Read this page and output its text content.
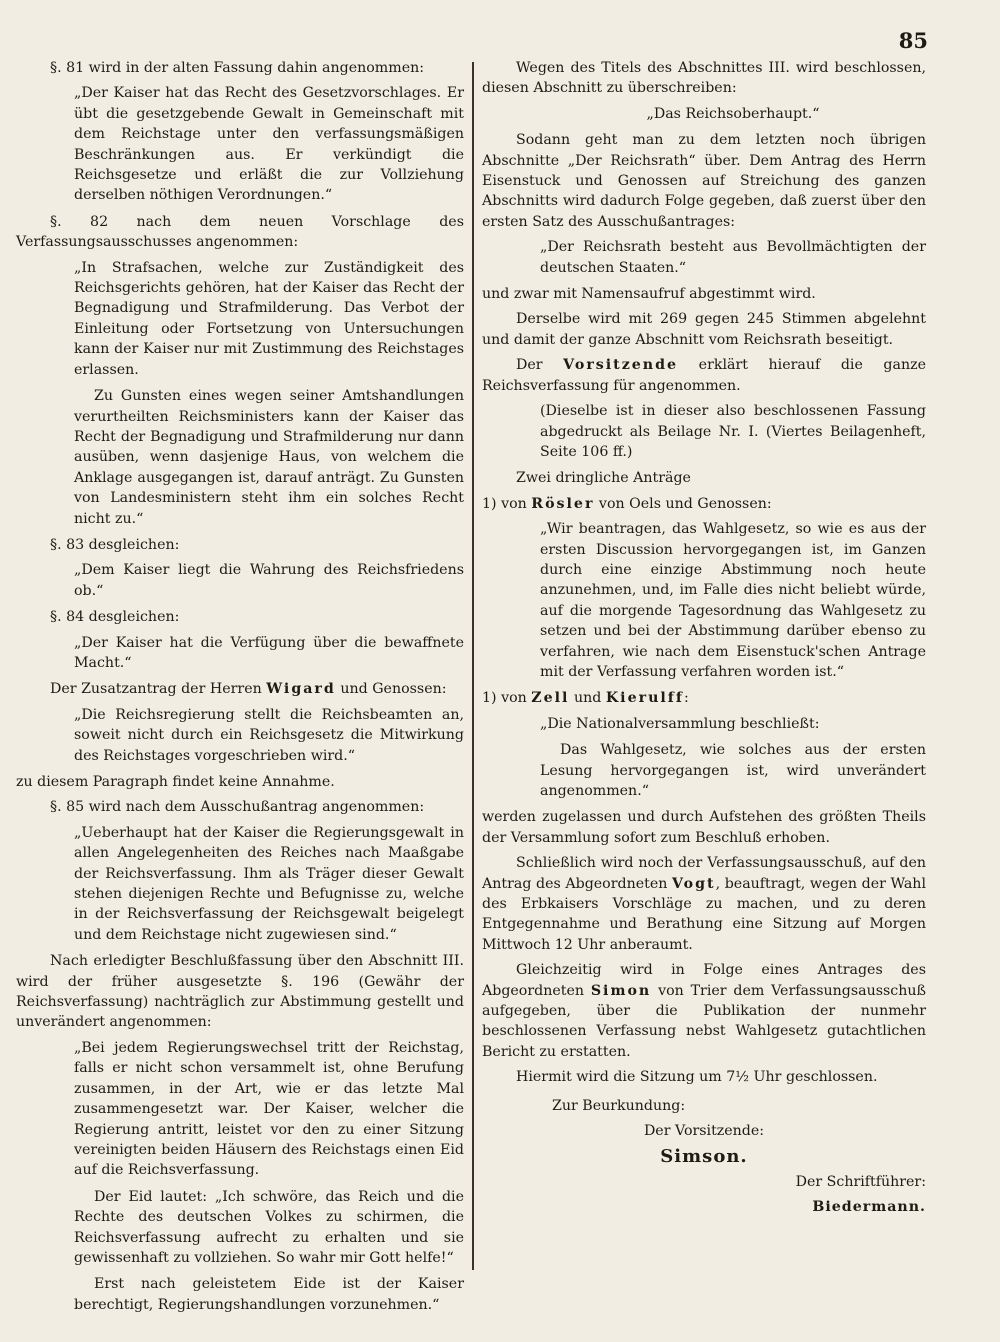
85

§. 81 wird in der alten Fassung dahin angenommen:

„Der Kaiser hat das Recht des Gesetzvorschlages. Er übt die gesetzgebende Gewalt in Gemeinschaft mit dem Reichstage unter den verfassungsmäßigen Beschränkungen aus. Er verkündigt die Reichsgesetze und erläßt die zur Vollziehung derselben nöthigen Verordnungen.“

§. 82 nach dem neuen Vorschlage des Verfassungsausschusses angenommen:

„In Strafsachen, welche zur Zuständigkeit des Reichsgerichts gehören, hat der Kaiser das Recht der Begnadigung und Strafmilderung. Das Verbot der Einleitung oder Fortsetzung von Untersuchungen kann der Kaiser nur mit Zustimmung des Reichstages erlassen.

Zu Gunsten eines wegen seiner Amtshandlungen verurtheilten Reichsministers kann der Kaiser das Recht der Begnadigung und Strafmilderung nur dann ausüben, wenn dasjenige Haus, von welchem die Anklage ausgegangen ist, darauf anträgt. Zu Gunsten von Landesministern steht ihm ein solches Recht nicht zu.“

§. 83 desgleichen:

„Dem Kaiser liegt die Wahrung des Reichsfriedens ob.“

§. 84 desgleichen:

„Der Kaiser hat die Verfügung über die bewaffnete Macht.“

Der Zusatzantrag der Herren Wigard und Genossen:

„Die Reichsregierung stellt die Reichsbeamten an, soweit nicht durch ein Reichsgesetz die Mitwirkung des Reichstages vorgeschrieben wird.“

zu diesem Paragraph findet keine Annahme.

§. 85 wird nach dem Ausschußantrag angenommen:

„Ueberhaupt hat der Kaiser die Regierungsgewalt in allen Angelegenheiten des Reiches nach Maaßgabe der Reichsverfassung. Ihm als Träger dieser Gewalt stehen diejenigen Rechte und Befugnisse zu, welche in der Reichsverfassung der Reichsgewalt beigelegt und dem Reichstage nicht zugewiesen sind.“

Nach erledigter Beschlußfassung über den Abschnitt III. wird der früher ausgesetzte §. 196 (Gewähr der Reichsverfassung) nachträglich zur Abstimmung gestellt und unverändert angenommen:

„Bei jedem Regierungswechsel tritt der Reichstag, falls er nicht schon versammelt ist, ohne Berufung zusammen, in der Art, wie er das letzte Mal zusammengesetzt war. Der Kaiser, welcher die Regierung antritt, leistet vor den zu einer Sitzung vereinigten beiden Häusern des Reichstags einen Eid auf die Reichsverfassung.

Der Eid lautet: „Ich schwöre, das Reich und die Rechte des deutschen Volkes zu schirmen, die Reichsverfassung aufrecht zu erhalten und sie gewissenhaft zu vollziehen. So wahr mir Gott helfe!“

Erst nach geleistetem Eide ist der Kaiser berechtigt, Regierungshandlungen vorzunehmen.“

Wegen des Titels des Abschnittes III. wird beschlossen, diesen Abschnitt zu überschreiben:

„Das Reichsoberhaupt.“

Sodann geht man zu dem letzten noch übrigen Abschnitte „Der Reichsrath“ über. Dem Antrag des Herrn Eisenstuck und Genossen auf Streichung des ganzen Abschnitts wird dadurch Folge gegeben, daß zuerst über den ersten Satz des Ausschußantrages:

„Der Reichsrath besteht aus Bevollmächtigten der deutschen Staaten.“

und zwar mit Namensaufruf abgestimmt wird.

Derselbe wird mit 269 gegen 245 Stimmen abgelehnt und damit der ganze Abschnitt vom Reichsrath beseitigt.

Der Vorsitzende erklärt hierauf die ganze Reichsverfassung für angenommen.

(Dieselbe ist in dieser also beschlossenen Fassung abgedruckt als Beilage Nr. I. (Viertes Beilagenheft, Seite 106 ff.)

Zwei dringliche Anträge

1) von Rösler von Oels und Genossen:

„Wir beantragen, das Wahlgesetz, so wie es aus der ersten Discussion hervorgegangen ist, im Ganzen durch eine einzige Abstimmung noch heute anzunehmen, und, im Falle dies nicht beliebt würde, auf die morgende Tagesordnung das Wahlgesetz zu setzen und bei der Abstimmung darüber ebenso zu verfahren, wie nach dem Eisenstuck'schen Antrage mit der Verfassung verfahren worden ist.“

1) von Zell und Kierulff:

„Die Nationalversammlung beschließt:

Das Wahlgesetz, wie solches aus der ersten Lesung hervorgegangen ist, wird unverändert angenommen.“

werden zugelassen und durch Aufstehen des größten Theils der Versammlung sofort zum Beschluß erhoben.

Schließlich wird noch der Verfassungsausschuß, auf den Antrag des Abgeordneten Vogt, beauftragt, wegen der Wahl des Erbkaisers Vorschläge zu machen, und zu deren Entgegennahme und Berathung eine Sitzung auf Morgen Mittwoch 12 Uhr anberaumt.

Gleichzeitig wird in Folge eines Antrages des Abgeordneten Simon von Trier dem Verfassungsausschuß aufgegeben, über die Publikation der nunmehr beschlossenen Verfassung nebst Wahlgesetz gutachtlichen Bericht zu erstatten.

Hiermit wird die Sitzung um 7½ Uhr geschlossen.

Zur Beurkundung:

Der Vorsitzende:

Simson.

Der Schriftführer:

Biedermann.
